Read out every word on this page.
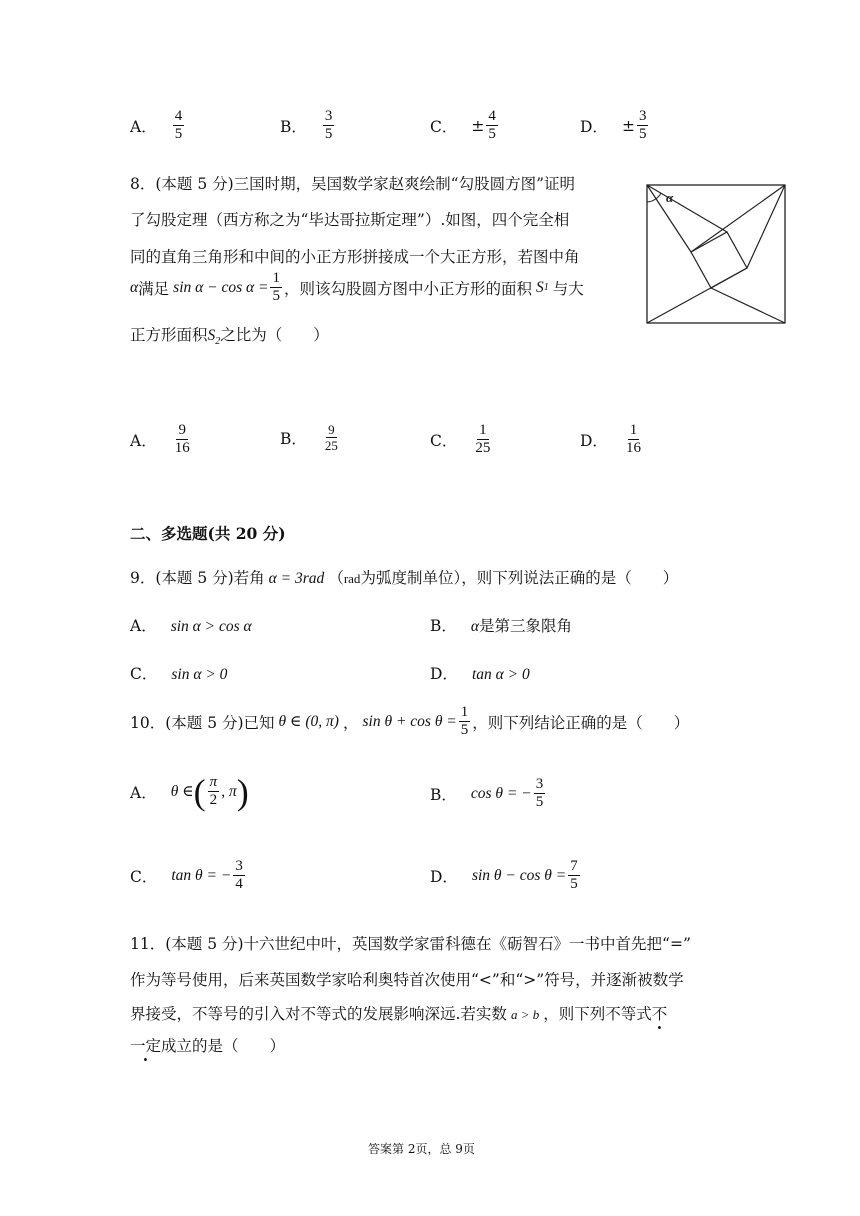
A． $\frac{4}{5}$	B． $\frac{3}{5}$	C． ± $\frac{4}{5}$	D． ± $\frac{3}{5}$
8．(本题 5 分)三国时期，吴国数学家赵爽绘制“勾股圆方图”证明
了勾股定理（西方称之为“毕达哥拉斯定理”）.如图，四个完全相
同的直角三角形和中间的小正方形拼接成一个大正方形，若图中角
α 满足 $\sin \alpha - \cos \alpha = \frac{1}{5}$ ，则该勾股圆方图中小正方形的面积 S 1 与大
正方形面积$S_2$之比为（　　）
α
A． $\frac{9}{16}$	B． $\frac{9}{25}$	C． $\frac{1}{25}$	D． $\frac{1}{16}$
二、多选题(共 20 分)
9．(本题 5 分)若角 α = 3rad （rad为弧度制单位），则下列说法正确的是（　　）
A． sin α > cos α	B． α是第三象限角
C． sin α > 0	D． tan α > 0
10．(本题 5 分)已知 θ ∈ (0, π) ， $\sin \theta + \cos \theta = \frac{1}{5}$ ，则下列结论正确的是（　　）
A． θ ∈ ( $\frac{\pi}{2}$ , π )	B． cos θ = − $\frac{3}{5}$
C． tan θ = − $\frac{3}{4}$	D． $\sin \theta - \cos \theta = \frac{7}{5}$
11．(本题 5 分)十六世纪中叶，英国数学家雷科德在《砺智石》一书中首先把“=”
作为等号使用，后来英国数学家哈利奥特首次使用“<”和“>”符号，并逐渐被数学
界接受，不等号的引入对不等式的发展影响深远.若实数 a > b ，则下列不等式不
一定成立的是（　　）
答案第 2页，总 9页
